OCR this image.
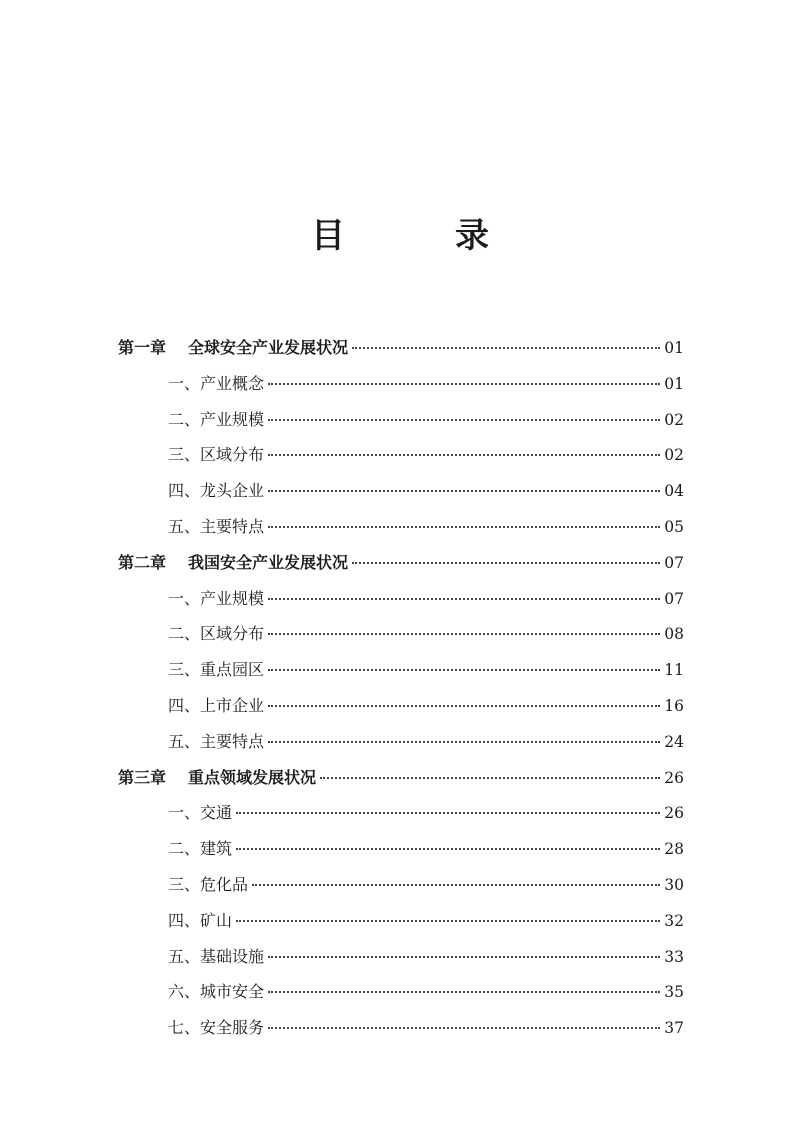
目　录
第一章 全球安全产业发展状况	01
一、产业概念	01
二、产业规模	02
三、区域分布	02
四、龙头企业	04
五、主要特点	05
第二章 我国安全产业发展状况	07
一、产业规模	07
二、区域分布	08
三、重点园区	11
四、上市企业	16
五、主要特点	24
第三章 重点领域发展状况	26
一、交通	26
二、建筑	28
三、危化品	30
四、矿山	32
五、基础设施	33
六、城市安全	35
七、安全服务	37
